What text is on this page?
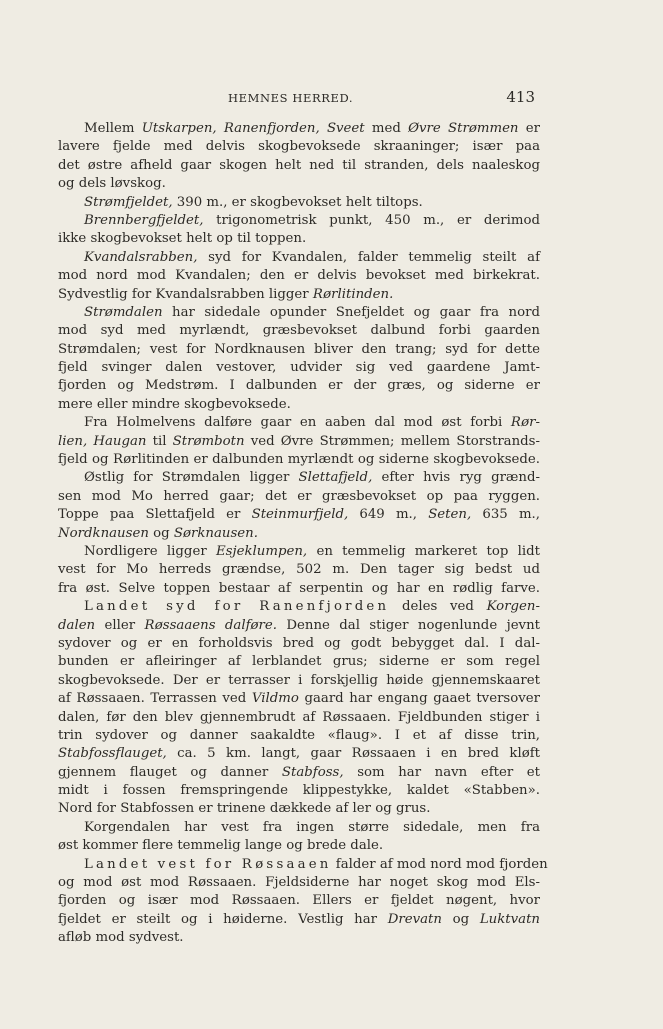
HEMNES HERRED.	413
Mellem Utskarpen, Ranenfjorden, Sveet med Øvre Strømmen er
lavere fjelde med delvis skogbevoksede skraaninger; især paa
det østre afheld gaar skogen helt ned til stranden, dels naaleskog
og dels løvskog.
Strømfjeldet, 390 m., er skogbevokset helt tiltops.
Brennbergfjeldet, trigonometrisk punkt, 450 m., er derimod
ikke skogbevokset helt op til toppen.
Kvandalsrabben, syd for Kvandalen, falder temmelig steilt af
mod nord mod Kvandalen; den er delvis bevokset med birkekrat.
Sydvestlig for Kvandalsrabben ligger Rørlitinden.
Strømdalen har sidedale opunder Snefjeldet og gaar fra nord
mod syd med myrlændt, græsbevokset dalbund forbi gaarden
Strømdalen; vest for Nordknausen bliver den trang; syd for dette
fjeld svinger dalen vestover, udvider sig ved gaardene Jamt-
fjorden og Medstrøm. I dalbunden er der græs, og siderne er
mere eller mindre skogbevoksede.
Fra Holmelvens dalføre gaar en aaben dal mod øst forbi Rør-
lien, Haugan til Strømbotn ved Øvre Strømmen; mellem Storstrands-
fjeld og Rørlitinden er dalbunden myrlændt og siderne skogbevoksede.
Østlig for Strømdalen ligger Slettafjeld, efter hvis ryg grænd-
sen mod Mo herred gaar; det er græsbevokset op paa ryggen.
Toppe paa Slettafjeld er Steinmurfjeld, 649 m., Seten, 635 m.,
Nordknausen og Sørknausen.
Nordligere ligger Esjeklumpen, en temmelig markeret top lidt
vest for Mo herreds grændse, 502 m. Den tager sig bedst ud
fra øst. Selve toppen bestaar af serpentin og har en rødlig farve.
Landet syd for Ranenfjorden deles ved Korgen-
dalen eller Røssaaens dalføre. Denne dal stiger nogenlunde jevnt
sydover og er en forholdsvis bred og godt bebygget dal. I dal-
bunden er afleiringer af lerblandet grus; siderne er som regel
skogbevoksede. Der er terrasser i forskjellig høide gjennemskaaret
af Røssaaen. Terrassen ved Vildmo gaard har engang gaaet tversover
dalen, før den blev gjennembrudt af Røssaaen. Fjeldbunden stiger i
trin sydover og danner saakaldte «flaug». I et af disse trin,
Stabfossflauget, ca. 5 km. langt, gaar Røssaaen i en bred kløft
gjennem flauget og danner Stabfoss, som har navn efter et
midt i fossen fremspringende klippestykke, kaldet «Stabben».
Nord for Stabfossen er trinene dækkede af ler og grus.
Korgendalen har vest fra ingen større sidedale, men fra
øst kommer flere temmelig lange og brede dale.
Landet vest for Røssaaen falder af mod nord mod fjorden
og mod øst mod Røssaaen. Fjeldsiderne har noget skog mod Els-
fjorden og især mod Røssaaen. Ellers er fjeldet nøgent, hvor
fjeldet er steilt og i høiderne. Vestlig har Drevatn og Luktvatn
afløb mod sydvest.
